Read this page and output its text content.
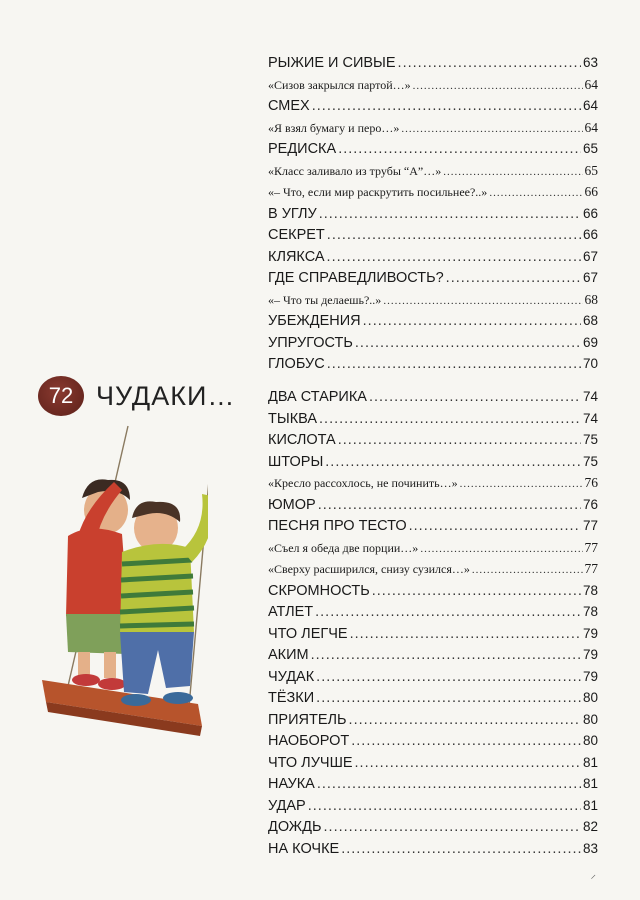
РЫЖИЕ И СИВЫЕ .....	63
«Сизов закрылся партой…» .....	64
СМЕХ .....	64
«Я взял бумагу и перо…» .....	64
РЕДИСКА .....	65
«Класс заливало из трубы “А”…» .....	65
«– Что, если мир раскрутить посильнее?..» .....	66
В УГЛУ .....	66
СЕКРЕТ .....	66
КЛЯКСА .....	67
ГДЕ СПРАВЕДЛИВОСТЬ? .....	67
«– Что ты делаешь?..» .....	68
УБЕЖДЕНИЯ .....	68
УПРУГОСТЬ .....	69
ГЛОБУС .....	70
72 ЧУДАКИ… ДВА СТАРИКА .....	74
ТЫКВА .....	74
КИСЛОТА .....	75
ШТОРЫ .....	75
«Кресло рассохлось, не починить…» .....	76
ЮМОР .....	76
ПЕСНЯ ПРО ТЕСТО .....	77
«Съел я обеда две порции…» .....	77
«Сверху расширился, снизу сузился…» .....	77
СКРОМНОСТЬ .....	78
АТЛЕТ .....	78
ЧТО ЛЕГЧЕ .....	79
АКИМ .....	79
ЧУДАК .....	79
ТЁЗКИ .....	80
ПРИЯТЕЛЬ .....	80
НАОБОРОТ .....	80
ЧТО ЛУЧШЕ .....	81
НАУКА .....	81
УДАР .....	81
ДОЖДЬ .....	82
НА КОЧКЕ .....	83
⸝
